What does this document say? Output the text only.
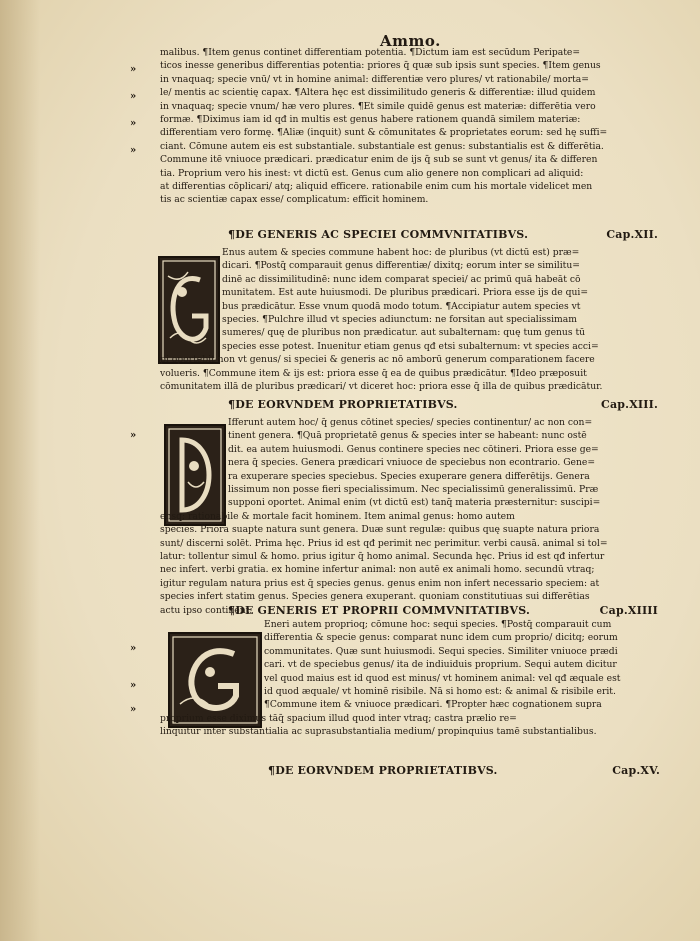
Ammo.
»
»
»
»
»
»
»
»

malibus. ¶Item genus continet differentiam potentia. ¶Dictum iam est secūdum Peripate=

ticos inesse generibus differentias potentia: priores q̄ quæ sub ipsis sunt species. ¶Item genus

in vnaquaq; specie vnū/ vt in homine animal: differentiæ vero plures/ vt rationabile/ morta=

le/ mentis ac scientię capax. ¶Altera hęc est dissimilitudo generis & differentiæ: illud quidem

in vnaquaq; specie vnum/ hæ vero plures. ¶Et simile quidē genus est materiæ: differētia vero

formæ. ¶Diximus iam id qđ in multis est genus habere rationem quandā similem materiæ:

differentiam vero formę. ¶Aliæ (inquit) sunt & cōmunitates & proprietates eorum: sed hę suffi=

ciant. Cōmune autem eis est substantiale. substantiale est genus: substantialis est & differētia.

Commune itē vniuoce prædicari. prædicatur enim de ijs q̄ sub se sunt vt genus/ ita & differen

tia. Proprium vero his inest: vt dictū est. Genus cum alio genere non complicari ad aliquid:

at differentias cōplicari/ atq; aliquid efficere. rationabile enim cum his mortale videlicet men

tis ac scientiæ capax esse/ complicatum: efficit hominem.

¶DE GENERIS AC SPECIEI COMMVNITATIBVS.	Cap.XII.

Enus autem & species commune habent hoc: de pluribus (vt dictū est) præ=

dicari. ¶Postq̄ comparauit genus differentiæ/ dixitq; eorum inter se similitu=

dinē ac dissimilitudinē: nunc idem comparat speciei/ ac primū quā habeāt cō

munitatem. Est aute huiusmodi. De pluribus prædicari. Priora esse ijs de qui=

bus prædicātur. Esse vnum quodā modo totum. ¶Accipiatur autem species vt

species. ¶Pulchre illud vt species adiunctum: ne forsitan aut specialissimam

sumeres/ quę de pluribus non prædicatur. aut subalternam: quę tum genus tū

species esse potest. Inuenitur etiam genus qđ etsi subalternum: vt species acci=

pi oportebit non vt genus/ si speciei & generis ac nō amborū generum comparationem facere

volueris. ¶Commune item & ijs est: priora esse q̄ ea de quibus prædicātur. ¶Ideo præposuit

cōmunitatem illā de pluribus prædicari/ vt diceret hoc: priora esse q̄ illa de quibus prædicātur.

¶DE EORVNDEM PROPRIETATIBVS.	Cap.XIII.

Ifferunt autem hoc/ q̄ genus cōtinet species/ species continentur/ ac non con=

tinent genera. ¶Quā proprietatē genus & species inter se habeant: nunc ostē

dit. ea autem huiusmodi. Genus continere species nec cōtineri. Priora esse ge=

nera q̄ species. Genera prædicari vniuoce de speciebus non econtrario. Gene=

ra exuperare species speciebus. Species exuperare genera differētijs. Genera

lissimum non posse fieri specialissimum. Nec specialissimū generalissimū. Præ

supponi oportet. Animal enim (vt dictū est) tanq̄ materia præsternitur: suscipi=

ensq; rationabile & mortale facit hominem. Item animal genus: homo autem

species. Priora suapte natura sunt genera. Duæ sunt regulæ: quibus quę suapte natura priora

sunt/ discerni solēt. Prima hęc. Prius id est qđ perimit nec perimitur. verbi causā. animal si tol=

latur: tollentur simul & homo. prius igitur q̄ homo animal. Secunda hęc. Prius id est qđ infertur

nec infert. verbi gratia. ex homine infertur animal: non autē ex animali homo. secundū vtraq;

igitur regulam natura prius est q̄ species genus. genus enim non infert necessario speciem: at

species infert statim genus. Species genera exuperant. quoniam constitutiuas sui differētias

actu ipso continent.

¶DE GENERIS ET PROPRII COMMVNITATIBVS.	Cap.XIIII

Eneri autem proprioq; cōmune hoc: sequi species. ¶Postq̄ comparauit cum

differentia & specie genus: comparat nunc idem cum proprio/ dicitq; eorum

communitates. Quæ sunt huiusmodi. Sequi species. Similiter vniuoce prædi

cari. vt de speciebus genus/ ita de indiuiduis proprium. Sequi autem dicitur

vel quod maius est id quod est minus/ vt hominem animal: vel qđ æquale est

id quod æquale/ vt hominē risibile. Nā si homo est: & animal & risibile erit.

¶Commune item & vniuoce prædicari. ¶Propter hæc cognationem supra

proprium esse diximus tāq̄ spacium illud quod inter vtraq; castra prælio re=

linquitur inter substantialia ac suprasubstantialia medium/ propinquius tamē substantialibus.

¶DE EORVNDEM PROPRIETATIBVS.	Cap.XV.
